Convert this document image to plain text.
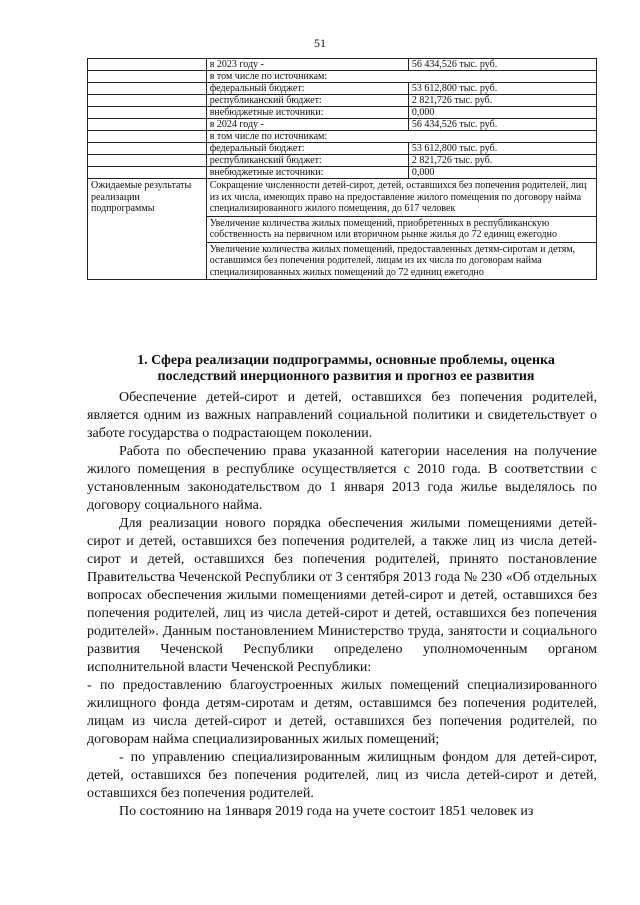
51
	в 2023 году -	56 434,526 тыс. руб.
	в том числе по источникам:	
	федеральный бюджет:	53 612,800 тыс. руб.
	республиканский бюджет:	2 821,726 тыс. руб.
	внебюджетные источники:	0,000
	в 2024 году -	56 434,526 тыс. руб.
	в том числе по источникам:	
	федеральный бюджет:	53 612,800 тыс. руб.
	республиканский бюджет:	2 821,726 тыс. руб.
	внебюджетные источники:	0,000
Ожидаемые результаты реализации подпрограммы	Сокращение численности детей-сирот, детей, оставшихся без попечения родителей, лиц из их числа, имеющих право на предоставление жилого помещения по договору найма специализированного жилого помещения, до 617 человек	
	Увеличение количества жилых помещений, приобретенных в республиканскую собственность на первичном или вторичном рынке жилья до 72 единиц ежегодно	
	Увеличение количества жилых помещений, предоставленных детям-сиротам и детям, оставшимся без попечения родителей, лицам из их числа по договорам найма специализированных жилых помещений до 72 единиц ежегодно	
1. Сфера реализации подпрограммы, основные проблемы, оценка последствий инерционного развития и прогноз ее развития

Обеспечение детей-сирот и детей, оставшихся без попечения родителей, является одним из важных направлений социальной политики и свидетельствует о заботе государства о подрастающем поколении.

Работа по обеспечению права указанной категории населения на получение жилого помещения в республике осуществляется с 2010 года. В соответствии с установленным законодательством до 1 января 2013 года жилье выделялось по договору социального найма.

Для реализации нового порядка обеспечения жилыми помещениями детей-сирот и детей, оставшихся без попечения родителей, а также лиц из числа детей-сирот и детей, оставшихся без попечения родителей, принято постановление Правительства Чеченской Республики от 3 сентября 2013 года № 230 «Об отдельных вопросах обеспечения жилыми помещениями детей-сирот и детей, оставшихся без попечения родителей, лиц из числа детей-сирот и детей, оставшихся без попечения родителей». Данным постановлением Министерство труда, занятости и социального развития Чеченской Республики определено уполномоченным органом исполнительной власти Чеченской Республики:

- по предоставлению благоустроенных жилых помещений специализированного жилищного фонда детям-сиротам и детям, оставшимся без попечения родителей, лицам из числа детей-сирот и детей, оставшихся без попечения родителей, по договорам найма специализированных жилых помещений;

- по управлению специализированным жилищным фондом для детей-сирот, детей, оставшихся без попечения родителей, лиц из числа детей-сирот и детей, оставшихся без попечения родителей.

По состоянию на 1января 2019 года на учете состоит 1851 человек из
